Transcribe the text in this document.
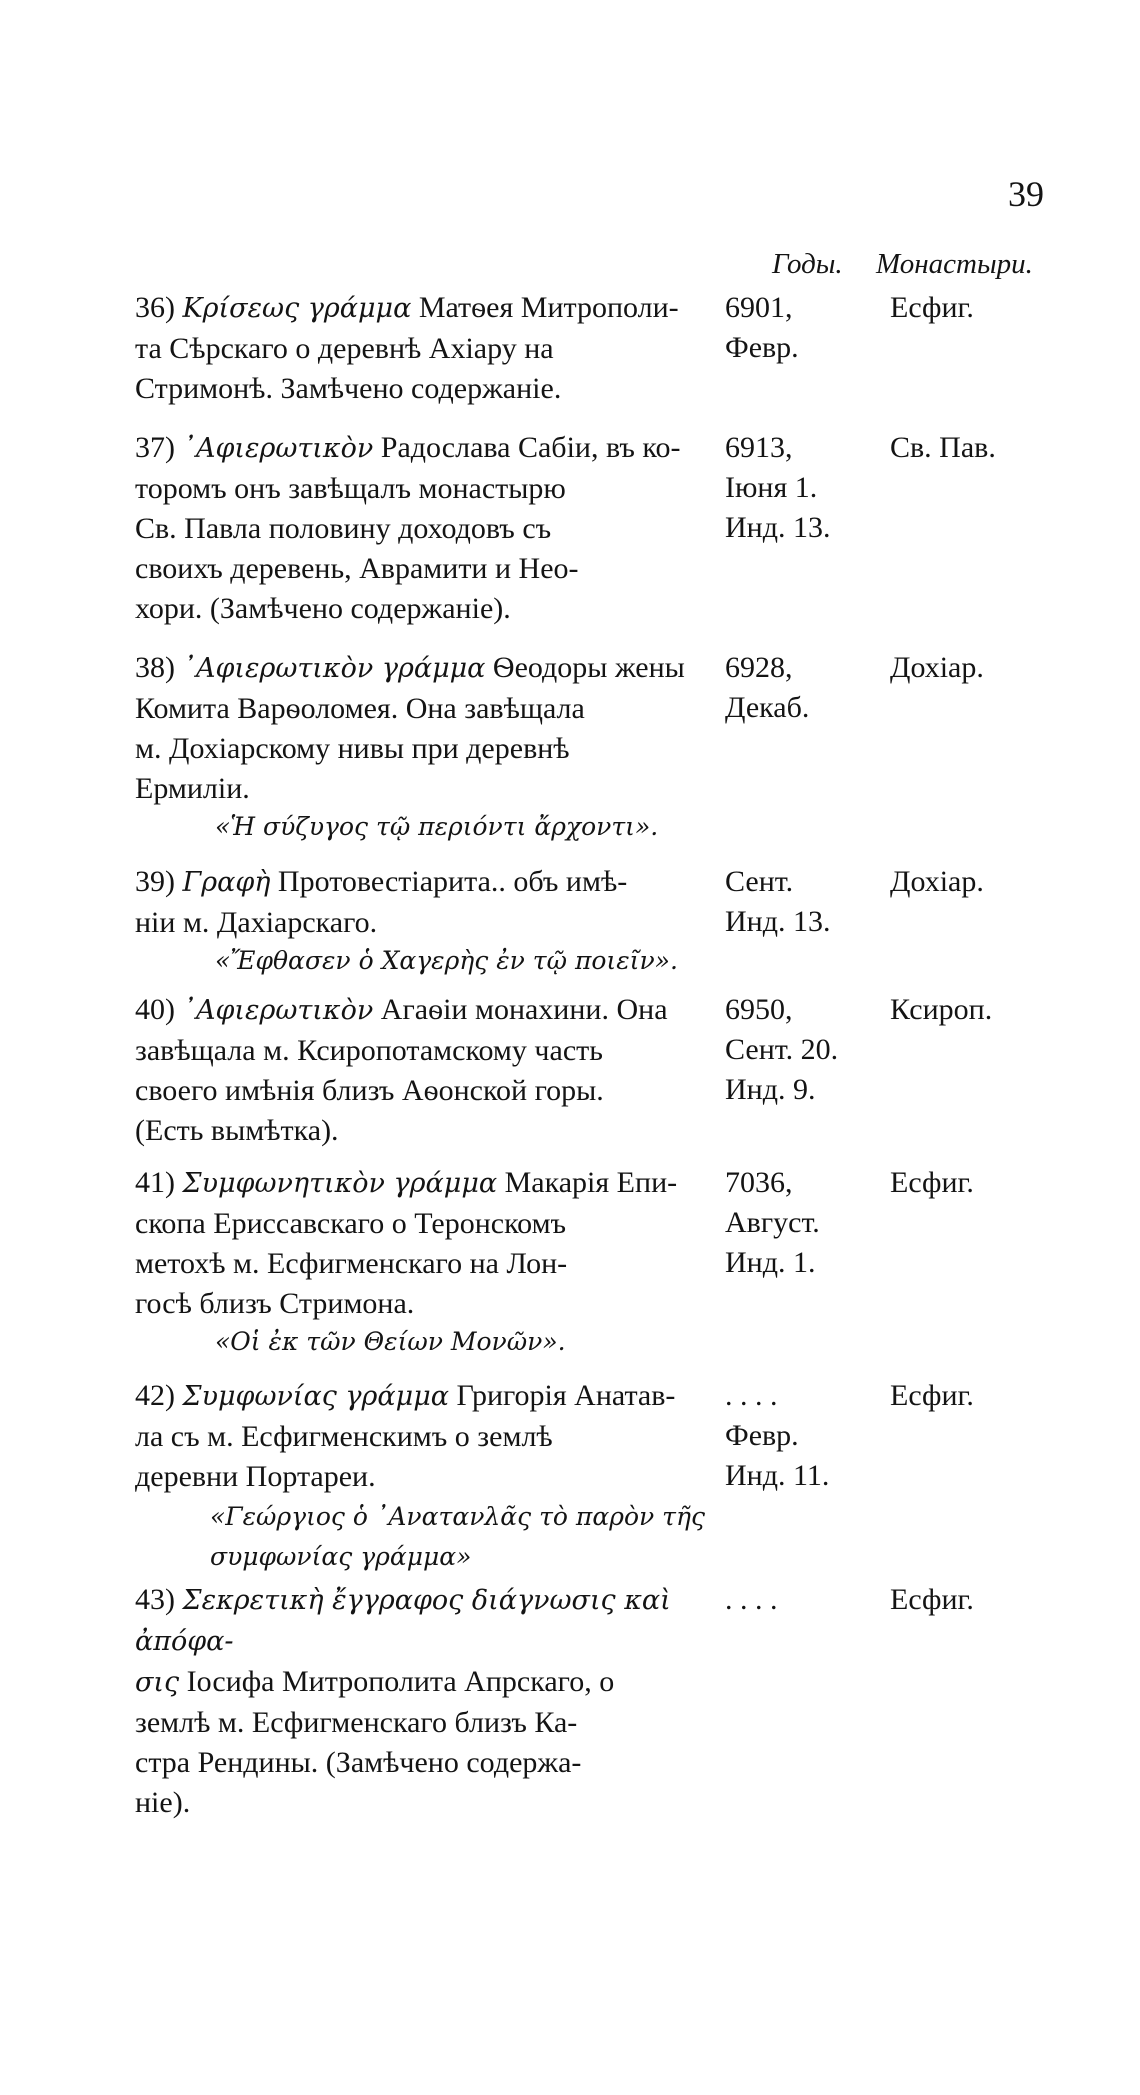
39
Годы. Монастыри.
36) Κρίσεως γράμμα Матѳея Митрополи-
та Сѣрскаго о деревнѣ Ахіару на
Стримонѣ. Замѣчено содержаніе.
6901,
Февр.
Есфиг.
37) ᾿Αφιερωτικὸν Радослава Сабіи, въ ко-
торомъ онъ завѣщалъ монастырю
Св. Павла половину доходовъ съ
своихъ деревень, Аврамити и Нео-
хори. (Замѣчено содержаніе).
6913,
Іюня 1.
Инд. 13.
Св. Пав.
38) ᾿Αφιερωτικὸν γράμμα Ѳеодоры жены
Комита Варѳоломея. Она завѣщала
м. Дохіарскому нивы при деревнѣ
Ермиліи.
«Ἡ σύζυγος τῷ περιόντι ἄρχοντι».
6928,
Декаб.
Дохіар.
39) Γραφὴ Протовестіарита.. объ имѣ-
ніи м. Дахіарскаго.
«Ἔφθασεν ὁ Χαγερὴς ἐν τῷ ποιεῖν».
Сент.
Инд. 13.
Дохіар.
40) ᾿Αφιερωτικὸν Агаѳіи монахини. Она
завѣщала м. Ксиропотамскому часть
своего имѣнія близъ Аѳонской горы.
(Есть вымѣтка).
6950,
Сент. 20.
Инд. 9.
Ксироп.
41) Συμφωνητικὸν γράμμα Макарія Епи-
скопа Ериссавскаго о Теронскомъ
метохѣ м. Есфигменскаго на Лон-
госѣ близъ Стримона.
«Οἱ ἐκ τῶν Θείων Μονῶν».
7036,
Август.
Инд. 1.
Есфиг.
42) Συμφωνίας γράμμα Григорія Анатав-
ла съ м. Есфигменскимъ о землѣ
деревни Портареи.
«Γεώργιος ὁ ᾿Ανατανλᾶς τὸ παρὸν τῆς
συμφωνίας γράμμα»
. . . .
Февр.
Инд. 11.
Есфиг.
43) Σεκρετικὴ ἔγγραφος διάγνωσις καὶ ἀπόφα-
σις Іосифа Митрополита Апрскаго, о
землѣ м. Есфигменскаго близъ Ка-
стра Рендины. (Замѣчено содержа-
ніе).
. . . .	Есфиг.
